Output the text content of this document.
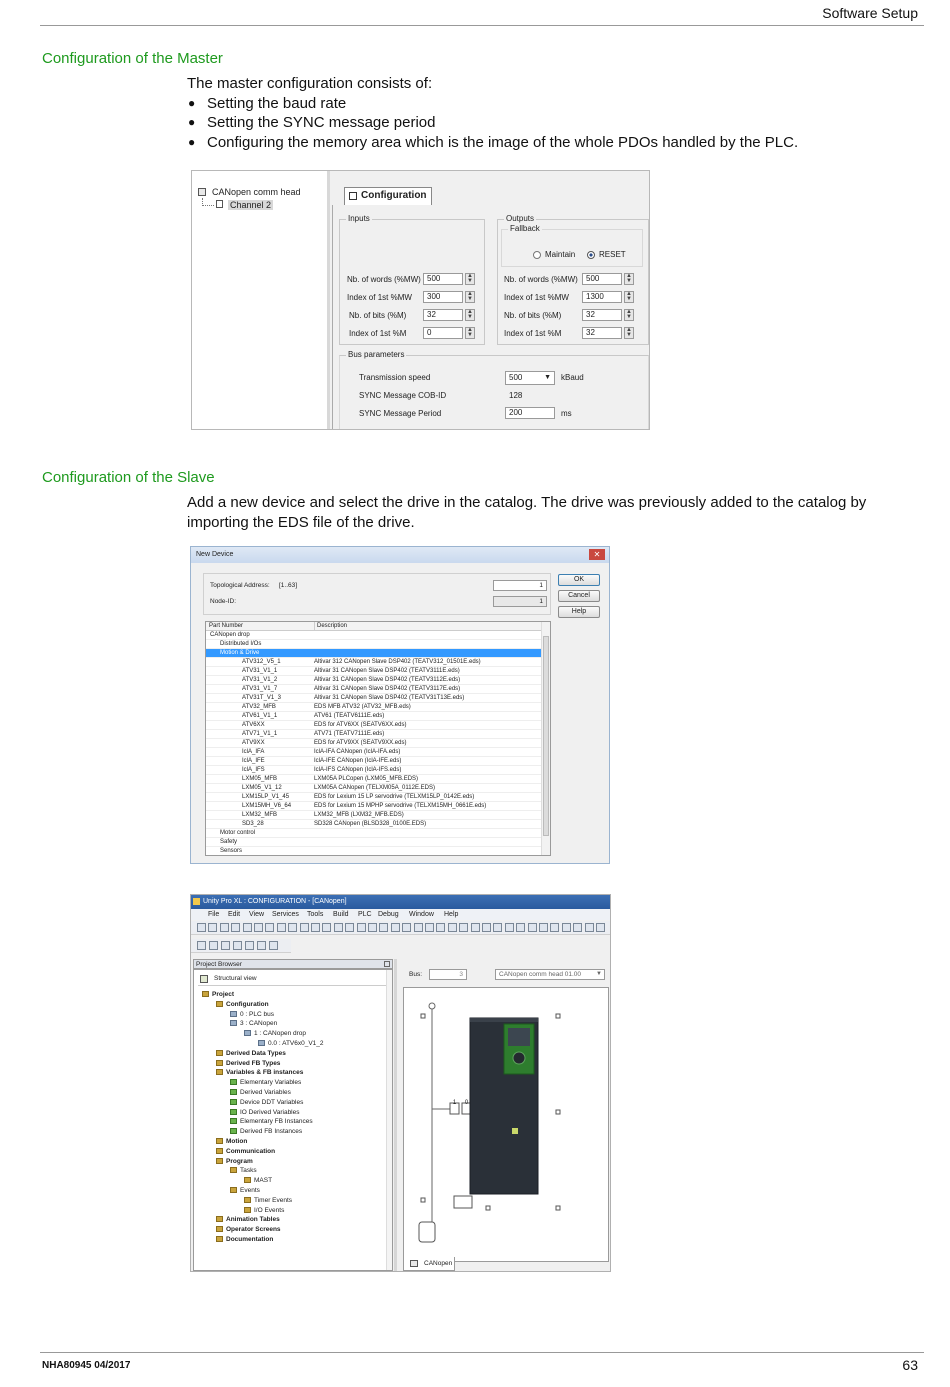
Software Setup
NHA80945 04/2017	63
Configuration of the Master
The master configuration consists of:
● Setting the baud rate
● Setting the SYNC message period
● Configuring the memory area which is the image of the whole PDOs handled by the PLC.
CANopen comm head
Channel 2
Configuration
Inputs
Nb. of words (%MW) 500	▲
▼
Index of 1st %MW	300	▲
▼
Nb. of bits (%M)	32	▲
▼
Index of 1st %M	0	▲
▼
Outputs
Fallback
Maintain	RESET
Nb. of words (%MW)	500	▲
▼
Index of 1st %MW	1300	▲
▼
Nb. of bits (%M)	32	▲
▼
Index of 1st %M	32	▲
▼
Bus parameters
Transmission speed	500	▼ kBaud
SYNC Message COB-ID	128
SYNC Message Period	200	ms
Configuration of the Slave
Add a new device and select the drive in the catalog. The drive was previously added to the catalog by importing the EDS file of the drive.
New Device	✕
Topological Address: [1..63]	1
Node-ID:	1
OK
Cancel
Help
Part Number	Description
CANopen drop
Distributed I/Os
Motion & Drive
ATV312_V5_1	Altivar 312 CANopen Slave DSP402 (TEATV312_01501E.eds)
ATV31_V1_1	Altivar 31 CANopen Slave DSP402 (TEATV3111E.eds)
ATV31_V1_2	Altivar 31 CANopen Slave DSP402 (TEATV3112E.eds)
ATV31_V1_7	Altivar 31 CANopen Slave DSP402 (TEATV3117E.eds)
ATV31T_V1_3	Altivar 31 CANopen Slave DSP402 (TEATV31T13E.eds)
ATV32_MFB	EDS MFB ATV32 (ATV32_MFB.eds)
ATV61_V1_1	ATV61 (TEATV6111E.eds)
ATV6XX	EDS for ATV6XX (SEATV6XX.eds)
ATV71_V1_1	ATV71 (TEATV7111E.eds)
ATV9XX	EDS for ATV9XX (SEATV9XX.eds)
IclA_IFA	IclA-IFA CANopen (IclA-IFA.eds)
IclA_IFE	IclA-IFE CANopen (IclA-IFE.eds)
IclA_IFS	IclA-IFS CANopen (IclA-IFS.eds)
LXM05_MFB	LXM05A PLCopen (LXM05_MFB.EDS)
LXM05_V1_12	LXM05A CANopen (TELXM05A_0112E.EDS)
LXM15LP_V1_45	EDS for Lexium 15 LP servodrive (TELXM15LP_0142E.eds)
LXM15MH_V6_64	EDS for Lexium 15 MPHP servodrive (TELXM15MH_0661E.eds)
LXM32_MFB	LXM32_MFB (LXM32_MFB.EDS)
SD3_28	SD328 CANopen (BLSD328_0100E.EDS)
Motor control
Safety
Sensors
Unity Pro XL : CONFIGURATION - [CANopen]
File Edit View Services Tools Build PLC Debug Window Help
Project Browser
Structural view
Project
Configuration
0 : PLC bus
3 : CANopen
1 : CANopen drop
0.0 : ATV6x0_V1_2
Derived Data Types
Derived FB Types
Variables & FB instances
Elementary Variables
Derived Variables
Device DDT Variables
IO Derived Variables
Elementary FB Instances
Derived FB Instances
Motion
Communication
Program
Tasks
MAST
Events
Timer Events
I/O Events
Animation Tables
Operator Screens
Documentation
Bus:	3	CANopen comm head 01.00	▼
1	0
CANopen
